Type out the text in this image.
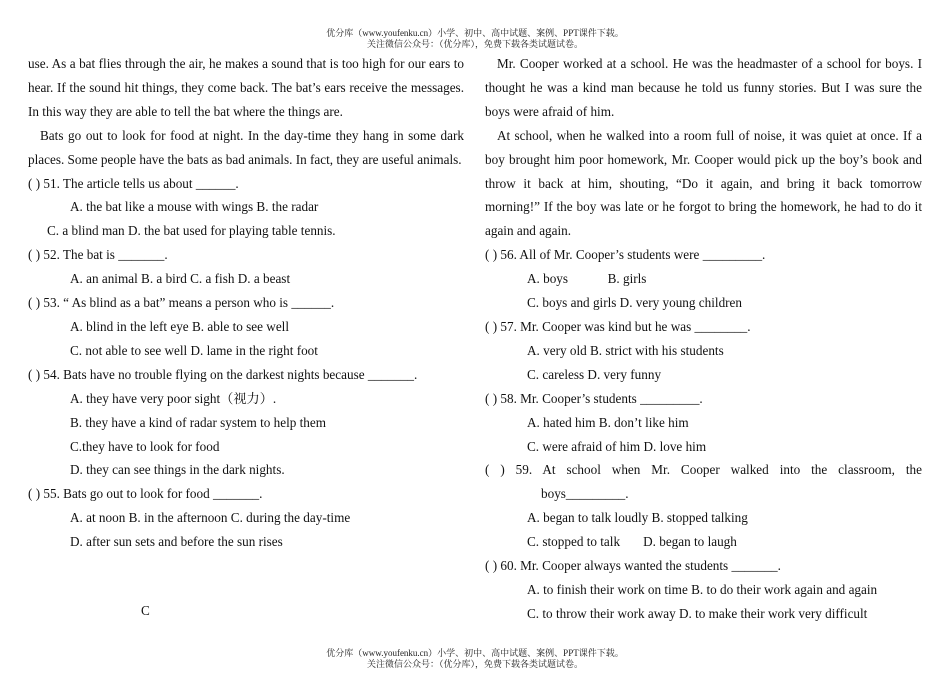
优分库（www.youfenku.cn）小学、初中、高中试题、案例、PPT课件下载。
关注微信公众号：（优分库），免费下载各类试题试卷。

use. As a bat flies through the air, he makes a sound that is too high for our ears to hear. If the sound hit things, they come back. The bat’s ears receive the messages. In this way they are able to tell the bat where the things are.

Bats go out to look for food at night. In the day-time they hang in some dark places. Some people have the bats as bad animals. In fact, they are useful animals.

( ) 51. The article tells us about ______.

A. the bat like a mouse with wings B. the radar

C. a blind man D. the bat used for playing table tennis.

( ) 52. The bat is _______.

A. an animal B. a bird C. a fish D. a beast

( ) 53. “ As blind as a bat” means a person who is ______.

A. blind in the left eye B. able to see well

C. not able to see well D. lame in the right foot

( ) 54. Bats have no trouble flying on the darkest nights because _______.

A. they have very poor sight（视力）.

B. they have a kind of radar system to help them

C.they have to look for food

D. they can see things in the dark nights.

( ) 55. Bats go out to look for food _______.

A. at noon B. in the afternoon C. during the day-time

D. after sun sets and before the sun rises

C

Mr. Cooper worked at a school. He was the headmaster of a school for boys. I thought he was a kind man because he told us funny stories. But I was sure the boys were afraid of him.

At school, when he walked into a room full of noise, it was quiet at once. If a boy brought him poor homework, Mr. Cooper would pick up the boy’s book and throw it back at him, shouting, “Do it again, and bring it back tomorrow morning!” If the boy was late or he forgot to bring the homework, he had to do it again and again.

( ) 56. All of Mr. Cooper’s students were _________.

A. boys            B. girls

C. boys and girls D. very young children

( ) 57. Mr. Cooper was kind but he was ________.

A. very old B. strict with his students

C. careless D. very funny

( ) 58. Mr. Cooper’s students _________.

A. hated him B. don’t like him

C. were afraid of him D. love him

( ) 59. At school when Mr. Cooper walked into the classroom, the

boys_________.

A. began to talk loudly B. stopped talking

C. stopped to talk       D. began to laugh

( ) 60. Mr. Cooper always wanted the students _______.

A. to finish their work on time B. to do their work again and again

C. to throw their work away D. to make their work very difficult

优分库（www.youfenku.cn）小学、初中、高中试题、案例、PPT课件下载。
关注微信公众号：（优分库），免费下载各类试题试卷。
